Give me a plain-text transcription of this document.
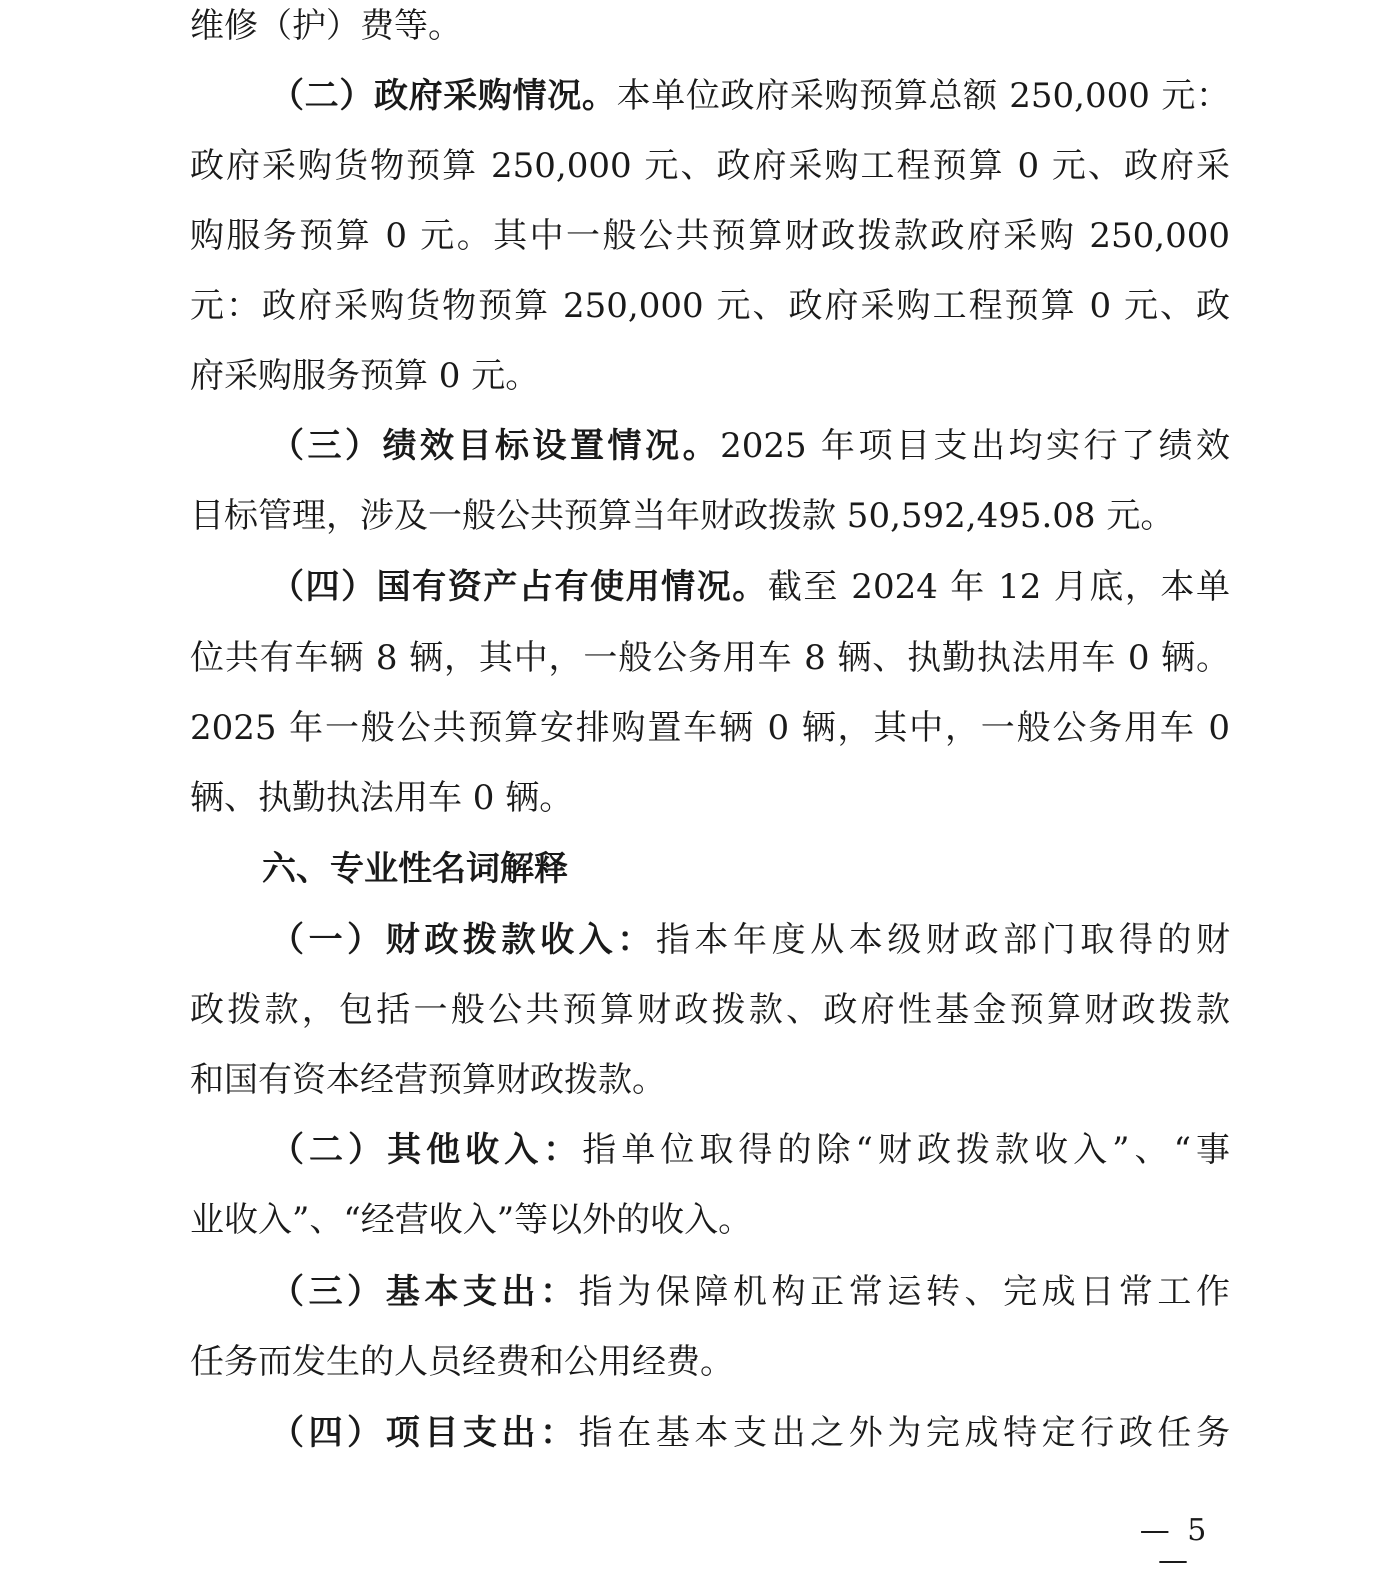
维修（护）费等。
（二）政府采购情况。本单位政府采购预算总额 250,000 元：
政府采购货物预算 250,000 元、政府采购工程预算 0 元、政府采
购服务预算 0 元。其中一般公共预算财政拨款政府采购 250,000
元：政府采购货物预算 250,000 元、政府采购工程预算 0 元、政
府采购服务预算 0 元。
（三）绩效目标设置情况。2025 年项目支出均实行了绩效
目标管理，涉及一般公共预算当年财政拨款 50,592,495.08 元。
（四）国有资产占有使用情况。截至 2024 年 12 月底，本单
位共有车辆 8 辆，其中，一般公务用车 8 辆、执勤执法用车 0 辆。
2025 年一般公共预算安排购置车辆 0 辆，其中，一般公务用车 0
辆、执勤执法用车 0 辆。
六、专业性名词解释
（一）财政拨款收入：指本年度从本级财政部门取得的财
政拨款，包括一般公共预算财政拨款、政府性基金预算财政拨款
和国有资本经营预算财政拨款。
（二）其他收入：指单位取得的除“财政拨款收入”、“事
业收入”、“经营收入”等以外的收入。
（三）基本支出：指为保障机构正常运转、完成日常工作
任务而发生的人员经费和公用经费。
（四）项目支出：指在基本支出之外为完成特定行政任务
— 5 —
